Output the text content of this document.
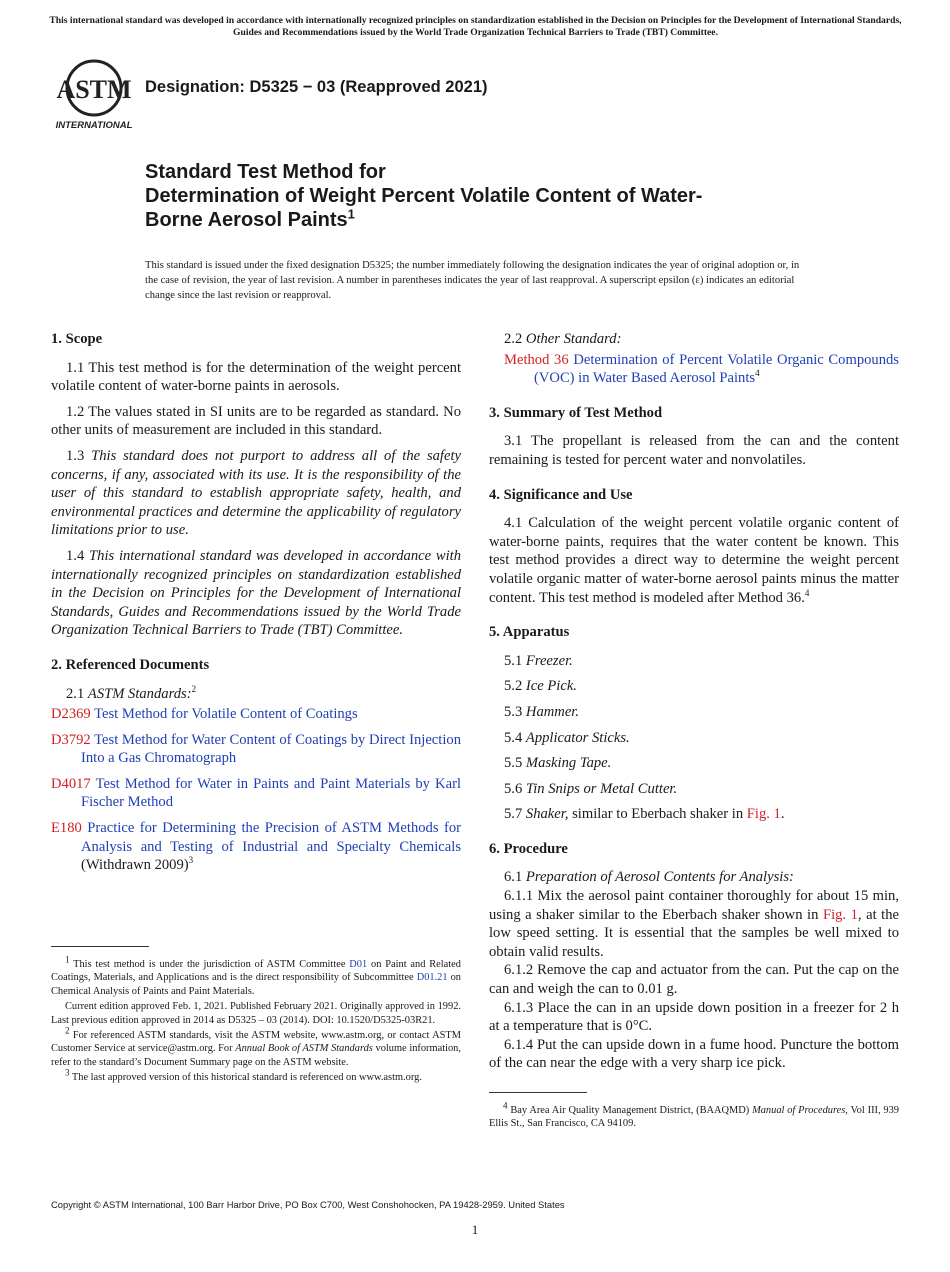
This international standard was developed in accordance with internationally recognized principles on standardization established in the Decision on Principles for the Development of International Standards, Guides and Recommendations issued by the World Trade Organization Technical Barriers to Trade (TBT) Committee.
ASTM
INTERNATIONAL
Designation: D5325 − 03 (Reapproved 2021)
Standard Test Method for
Determination of Weight Percent Volatile Content of Water-
Borne Aerosol Paints$^1$
This standard is issued under the fixed designation D5325; the number immediately following the designation indicates the year of original adoption or, in the case of revision, the year of last revision. A number in parentheses indicates the year of last reapproval. A superscript epsilon (ε) indicates an editorial change since the last revision or reapproval.
1. Scope

1.1 This test method is for the determination of the weight percent volatile content of water-borne paints in aerosols.

1.2 The values stated in SI units are to be regarded as standard. No other units of measurement are included in this standard.

1.3 This standard does not purport to address all of the safety concerns, if any, associated with its use. It is the responsibility of the user of this standard to establish appropriate safety, health, and environmental practices and determine the applicability of regulatory limitations prior to use.

1.4 This international standard was developed in accordance with internationally recognized principles on standardization established in the Decision on Principles for the Development of International Standards, Guides and Recommendations issued by the World Trade Organization Technical Barriers to Trade (TBT) Committee.

2. Referenced Documents

2.1 ASTM Standards:$^2$

D2369 Test Method for Volatile Content of Coatings

D3792 Test Method for Water Content of Coatings by Direct Injection Into a Gas Chromatograph

D4017 Test Method for Water in Paints and Paint Materials by Karl Fischer Method

E180 Practice for Determining the Precision of ASTM Methods for Analysis and Testing of Industrial and Specialty Chemicals (Withdrawn 2009)$^3$

$^1$ This test method is under the jurisdiction of ASTM Committee D01 on Paint and Related Coatings, Materials, and Applications and is the direct responsibility of Subcommittee D01.21 on Chemical Analysis of Paints and Paint Materials.

Current edition approved Feb. 1, 2021. Published February 2021. Originally approved in 1992. Last previous edition approved in 2014 as D5325 – 03 (2014). DOI: 10.1520/D5325-03R21.

$^2$ For referenced ASTM standards, visit the ASTM website, www.astm.org, or contact ASTM Customer Service at service@astm.org. For Annual Book of ASTM Standards volume information, refer to the standard’s Document Summary page on the ASTM website.

$^3$ The last approved version of this historical standard is referenced on www.astm.org.

2.2 Other Standard:

Method 36 Determination of Percent Volatile Organic Compounds (VOC) in Water Based Aerosol Paints$^4$

3. Summary of Test Method

3.1 The propellant is released from the can and the content remaining is tested for percent water and nonvolatiles.

4. Significance and Use

4.1 Calculation of the weight percent volatile organic content of water-borne paints, requires that the water content be known. This test method provides a direct way to determine the weight percent volatile organic matter of water-borne aerosol paints minus the matter content. This test method is modeled after Method 36.$^4$

5. Apparatus

5.1 Freezer.

5.2 Ice Pick.

5.3 Hammer.

5.4 Applicator Sticks.

5.5 Masking Tape.

5.6 Tin Snips or Metal Cutter.

5.7 Shaker, similar to Eberbach shaker in Fig. 1.

6. Procedure

6.1 Preparation of Aerosol Contents for Analysis:

6.1.1 Mix the aerosol paint container thoroughly for about 15 min, using a shaker similar to the Eberbach shaker shown in Fig. 1, at the low speed setting. It is essential that the samples be well mixed to obtain valid results.

6.1.2 Remove the cap and actuator from the can. Put the cap on the can and weigh the can to 0.01 g.

6.1.3 Place the can in an upside down position in a freezer for 2 h at a temperature that is 0°C.

6.1.4 Put the can upside down in a fume hood. Puncture the bottom of the can near the edge with a very sharp ice pick.

$^4$ Bay Area Air Quality Management District, (BAAQMD) Manual of Procedures, Vol III, 939 Ellis St., San Francisco, CA 94109.

Copyright © ASTM International, 100 Barr Harbor Drive, PO Box C700, West Conshohocken, PA 19428-2959. United States
1
